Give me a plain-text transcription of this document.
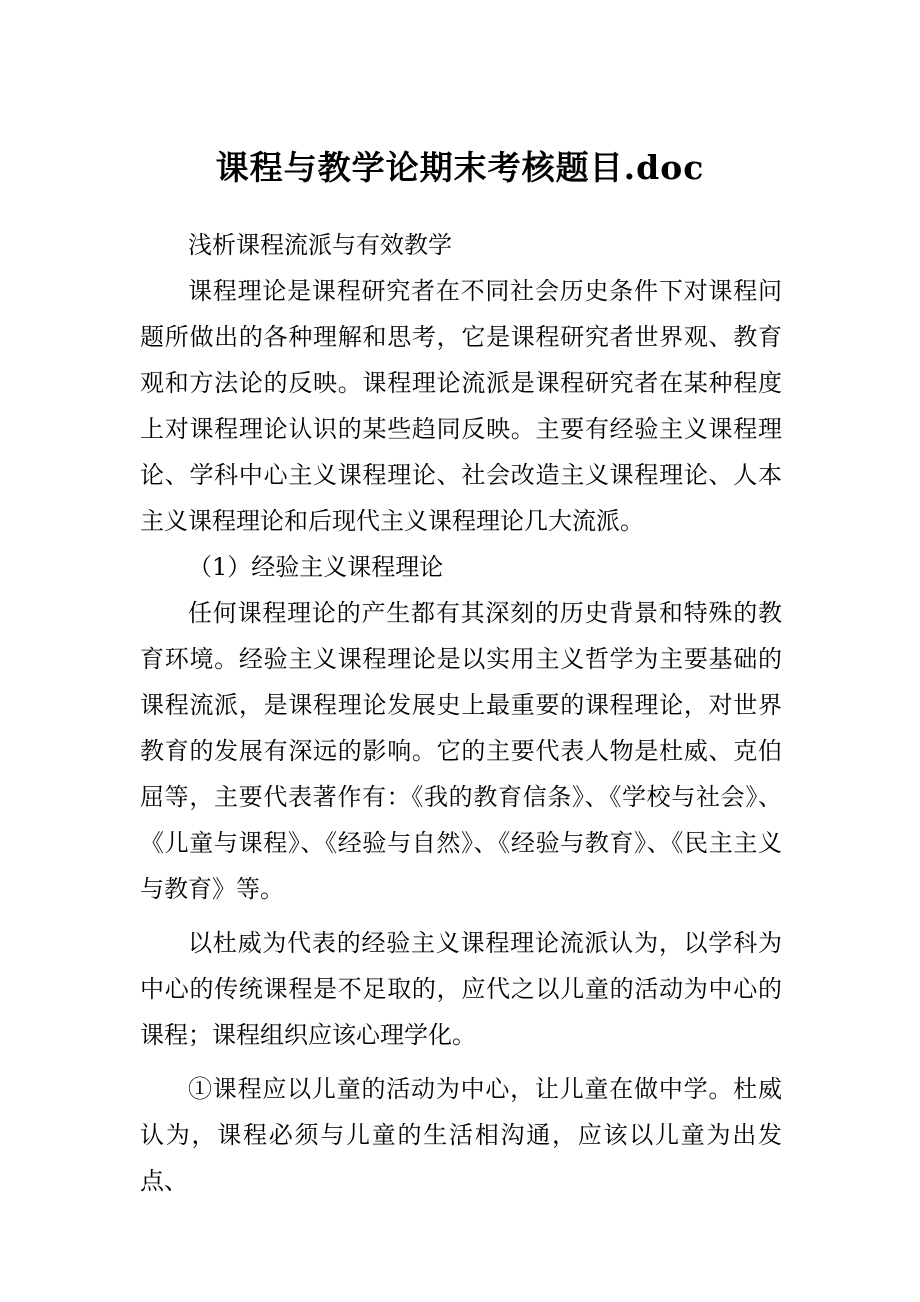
课程与教学论期末考核题目.doc

浅析课程流派与有效教学

课程理论是课程研究者在不同社会历史条件下对课程问题所做出的各种理解和思考，它是课程研究者世界观、教育观和方法论的反映。课程理论流派是课程研究者在某种程度上对课程理论认识的某些趋同反映。主要有经验主义课程理论、学科中心主义课程理论、社会改造主义课程理论、人本主义课程理论和后现代主义课程理论几大流派。

（1）经验主义课程理论

任何课程理论的产生都有其深刻的历史背景和特殊的教育环境。经验主义课程理论是以实用主义哲学为主要基础的课程流派，是课程理论发展史上最重要的课程理论，对世界教育的发展有深远的影响。它的主要代表人物是杜威、克伯屈等，主要代表著作有：《我的教育信条》、《学校与社会》、《儿童与课程》、《经验与自然》、《经验与教育》、《民主主义与教育》等。

以杜威为代表的经验主义课程理论流派认为，以学科为中心的传统课程是不足取的，应代之以儿童的活动为中心的课程；课程组织应该心理学化。

①课程应以儿童的活动为中心，让儿童在做中学。杜威认为，课程必须与儿童的生活相沟通，应该以儿童为出发点、
